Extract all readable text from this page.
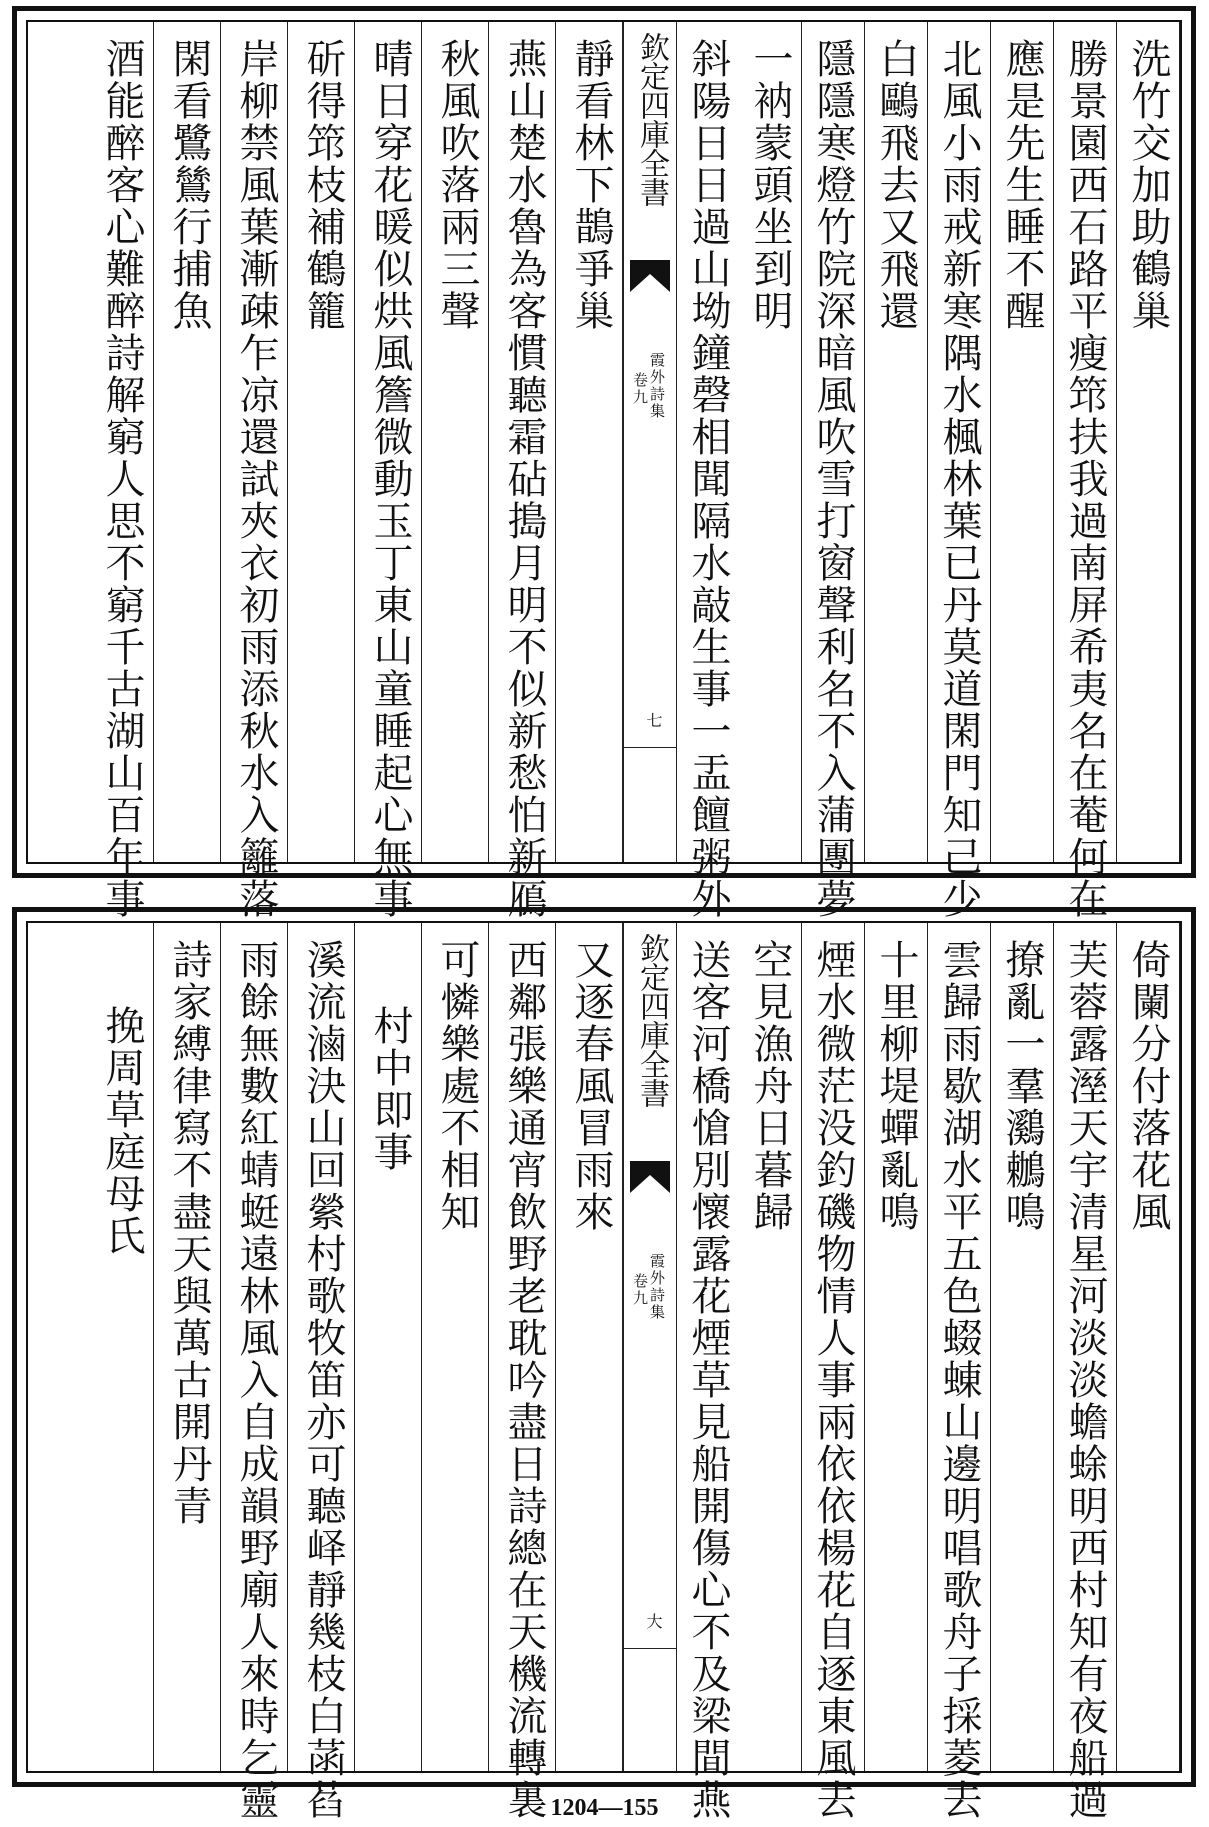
洗竹交加助鶴巢
勝景園西石路平瘦筇扶我過南屏希夷名在菴何在
應是先生睡不醒
北風小雨戒新寒隅水楓林葉已丹莫道閑門知己少
白鷗飛去又飛還
隱隱寒燈竹院深暗風吹雪打窗聲利名不入蒲團夢
一衲蒙頭坐到明
斜陽日日過山坳鐘磬相聞隔水敲生事一盂饘粥外
欽定四庫全書
霞外詩集
卷九
七
靜看林下鵲爭巢
燕山楚水魯為客慣聽霜砧搗月明不似新愁怕新鴈
秋風吹落兩三聲
晴日穿花暖似烘風簷微動玉丁東山童睡起心無事
斫得筇枝補鶴籠
岸柳禁風葉漸疎乍凉還試夾衣初雨添秋水入籬落
閑看鷺鷥行捕魚
酒能醉客心難醉詩解窮人思不窮千古湖山百年事
倚闌分付落花風
芙蓉露溼天宇清星河淡淡蟾蜍明西村知有夜船過
撩亂一羣鸂鶒鳴
雲歸雨歇湖水平五色蝃蝀山邊明唱歌舟子採菱去
十里柳堤蟬亂鳴
煙水微茫没釣磯物情人事兩依依楊花自逐東風去
空見漁舟日暮歸
送客河橋愴別懷露花煙草見船開傷心不及梁間燕
欽定四庫全書
霞外詩集
卷九
大
又逐春風冒雨來
西鄰張樂通宵飲野老耽吟盡日詩總在天機流轉裏
可憐樂處不相知
　村中即事
溪流滷決山回縈村歌牧笛亦可聽峄靜幾枝白菡萏
雨餘無數紅蜻蜓遠林風入自成韻野廟人來時乞靈
詩家縛律寫不盡天與萬古開丹青
　挽周草庭母氏
1204—155
